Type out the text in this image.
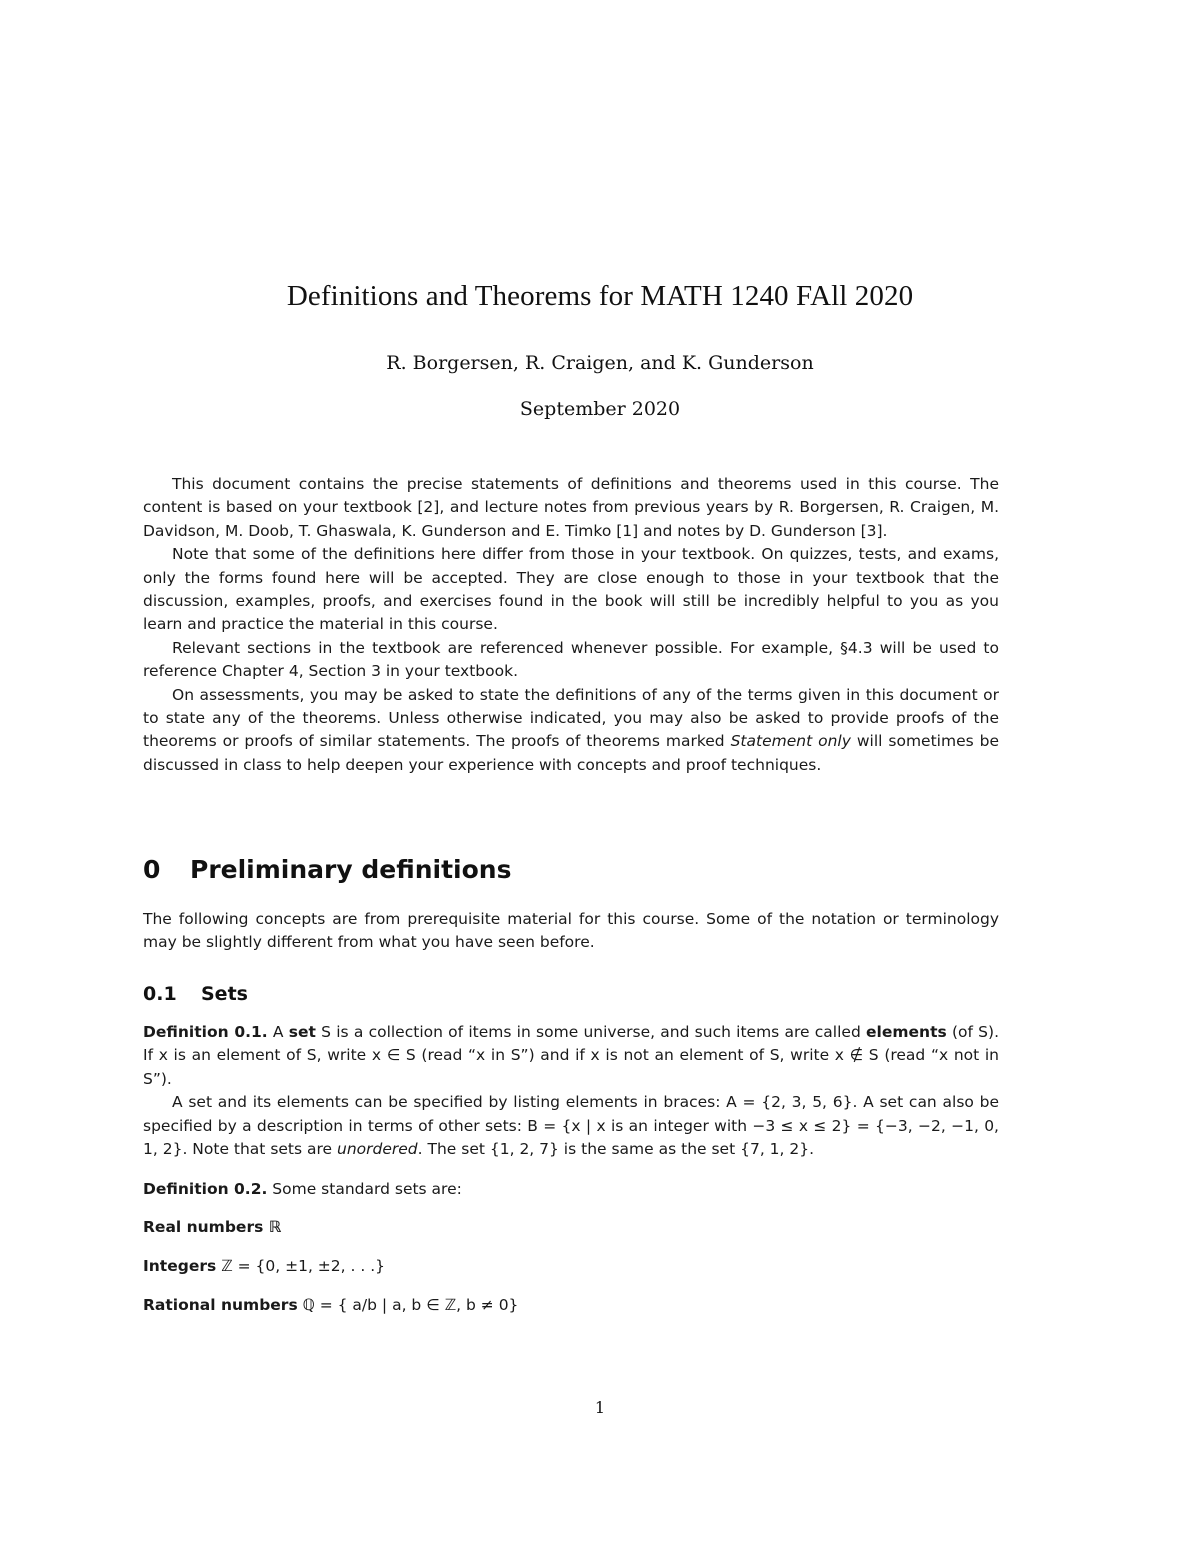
Definitions and Theorems for MATH 1240 FAll 2020
R. Borgersen, R. Craigen, and K. Gunderson
September 2020

This document contains the precise statements of definitions and theorems used in this course. The content is based on your textbook [2], and lecture notes from previous years by R. Borgersen, R. Craigen, M. Davidson, M. Doob, T. Ghaswala, K. Gunderson and E. Timko [1] and notes by D. Gunderson [3].

Note that some of the definitions here differ from those in your textbook. On quizzes, tests, and exams, only the forms found here will be accepted. They are close enough to those in your textbook that the discussion, examples, proofs, and exercises found in the book will still be incredibly helpful to you as you learn and practice the material in this course.

Relevant sections in the textbook are referenced whenever possible. For example, §4.3 will be used to reference Chapter 4, Section 3 in your textbook.

On assessments, you may be asked to state the definitions of any of the terms given in this document or to state any of the theorems. Unless otherwise indicated, you may also be asked to provide proofs of the theorems or proofs of similar statements. The proofs of theorems marked Statement only will sometimes be discussed in class to help deepen your experience with concepts and proof techniques.

0 Preliminary definitions

The following concepts are from prerequisite material for this course. Some of the notation or terminology may be slightly different from what you have seen before.

0.1 Sets

Definition 0.1. A set S is a collection of items in some universe, and such items are called elements (of S). If x is an element of S, write x ∈ S (read “x in S”) and if x is not an element of S, write x ∉ S (read “x not in S”).

A set and its elements can be specified by listing elements in braces: A = {2, 3, 5, 6}. A set can also be specified by a description in terms of other sets: B = {x | x is an integer with −3 ≤ x ≤ 2} = {−3, −2, −1, 0, 1, 2}. Note that sets are unordered. The set {1, 2, 7} is the same as the set {7, 1, 2}.

Definition 0.2. Some standard sets are:

Real numbers ℝ
Integers ℤ = {0, ±1, ±2, . . .}
Rational numbers ℚ = { a/b | a, b ∈ ℤ, b ≠ 0}
1
